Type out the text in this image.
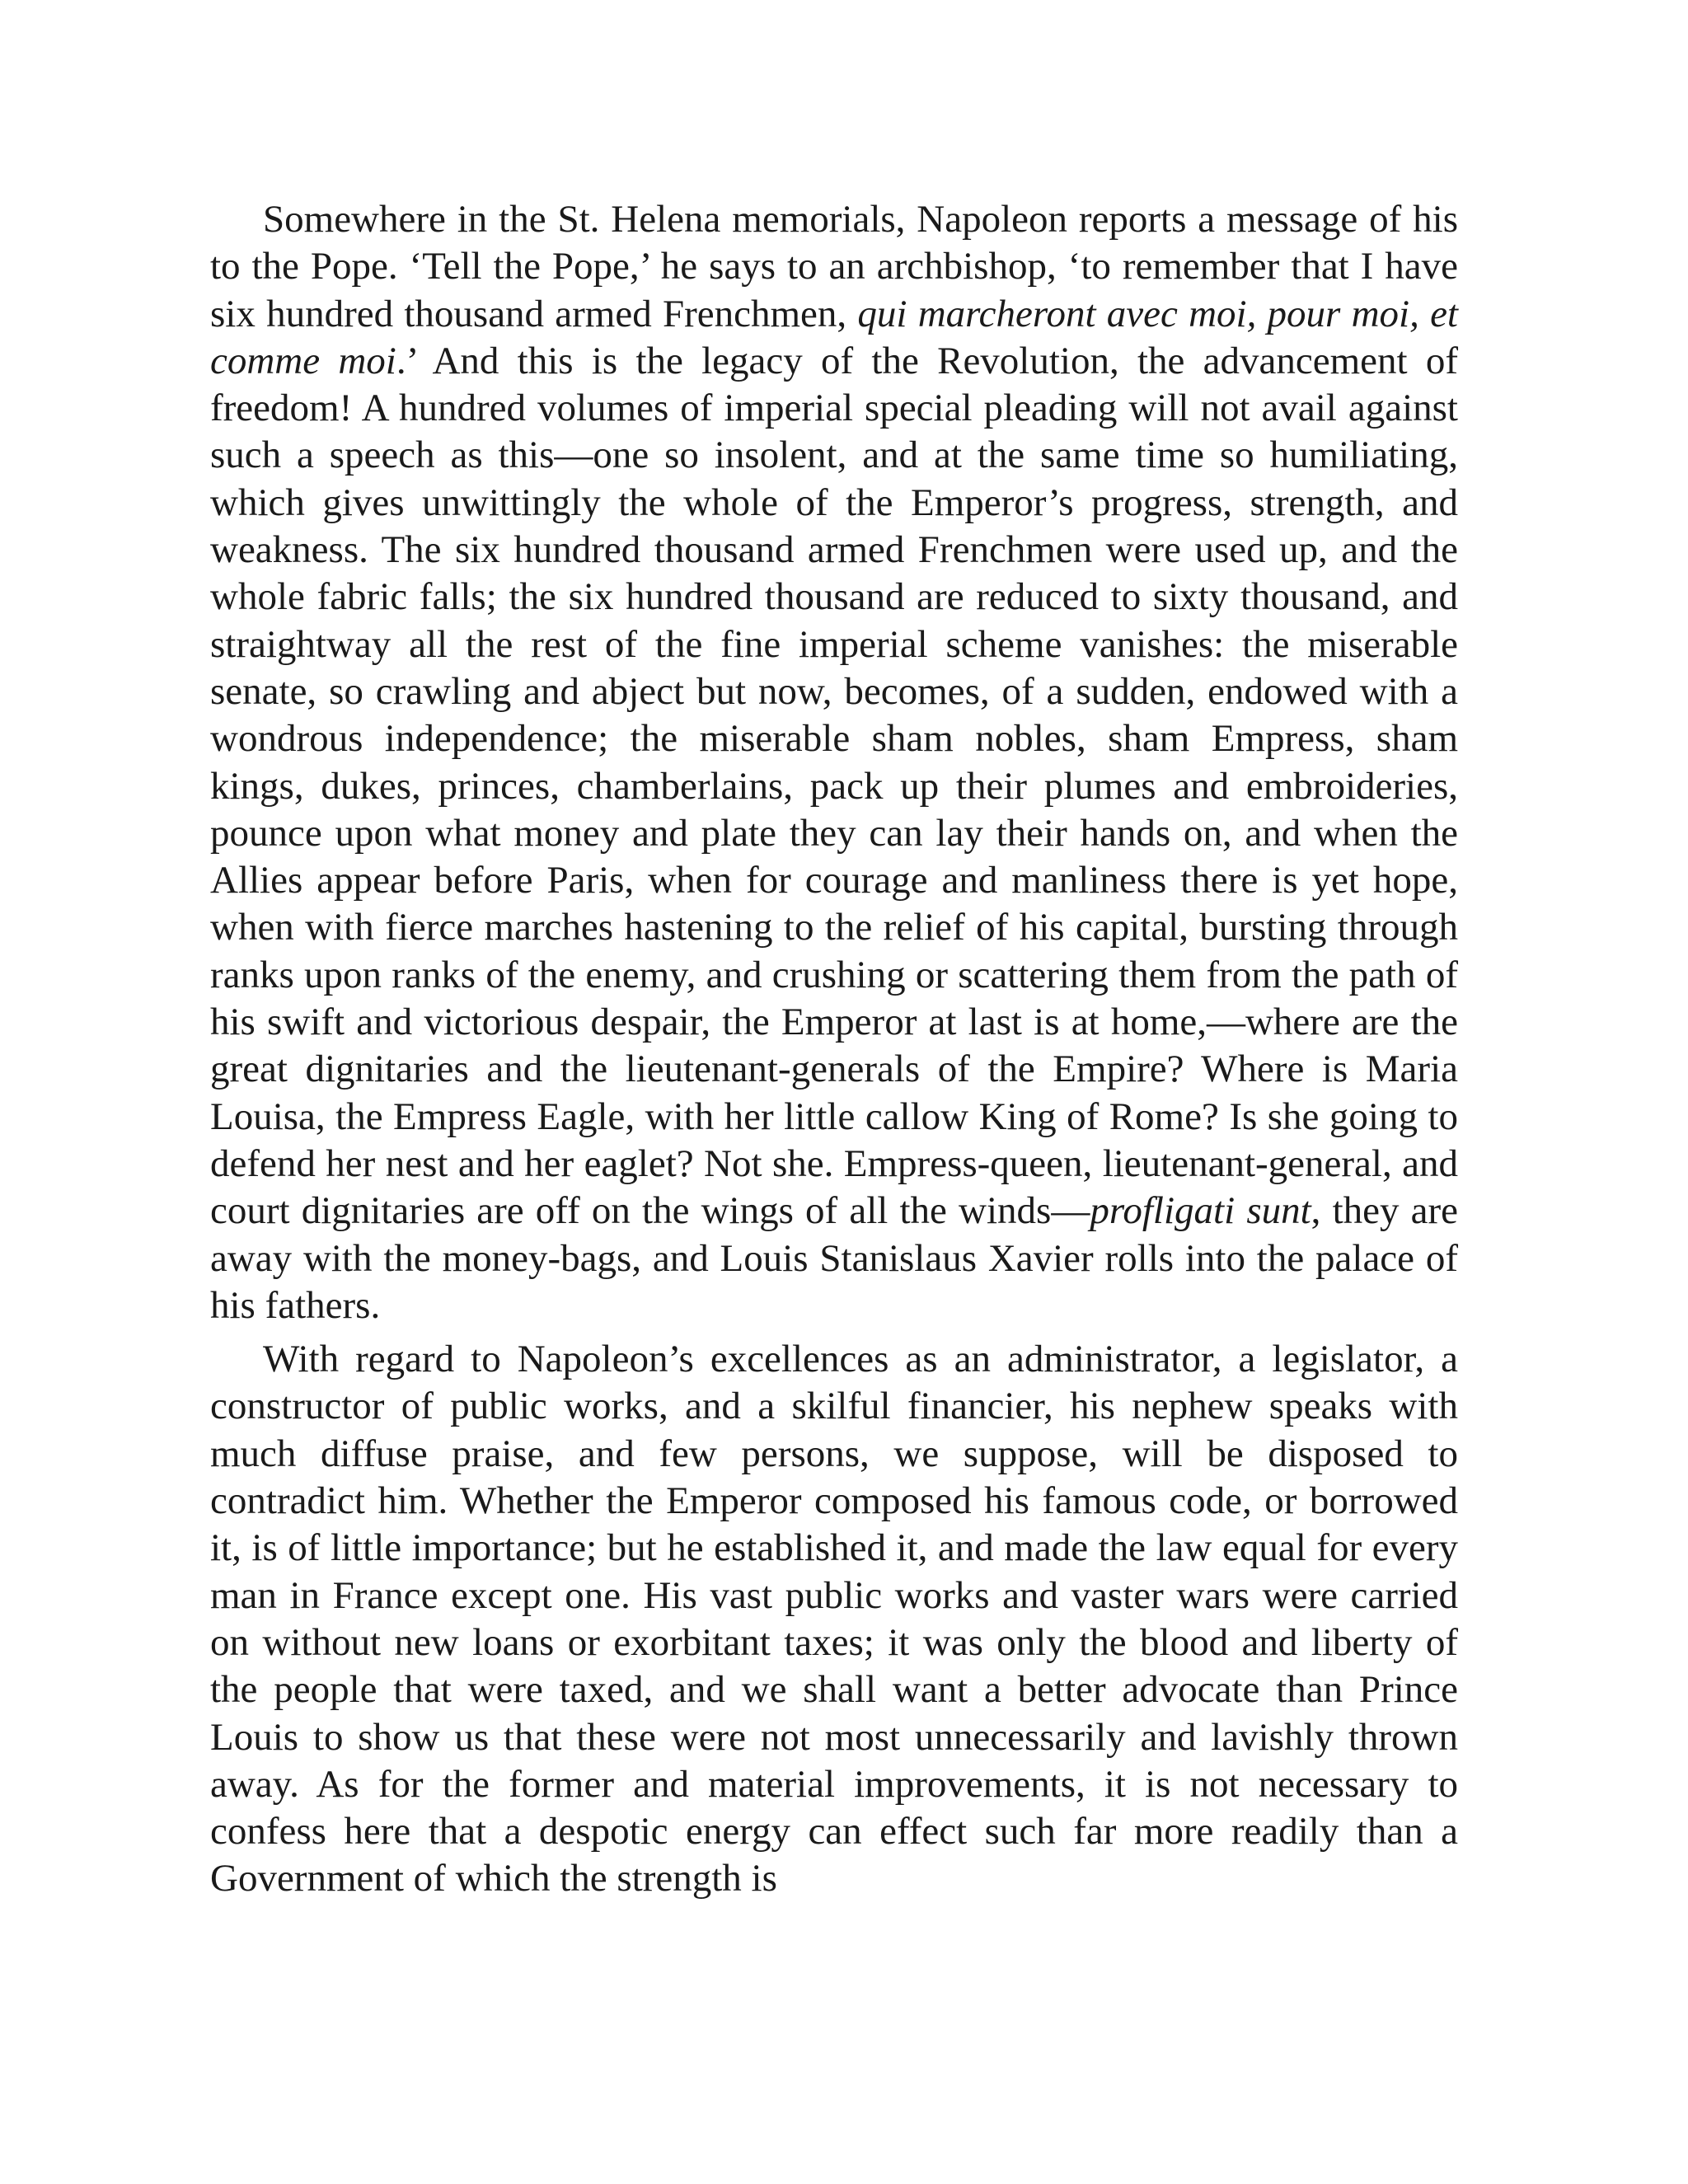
Somewhere in the St. Helena memorials, Napoleon reports a message of his to the Pope. ‘Tell the Pope,’ he says to an archbishop, ‘to remember that I have six hundred thousand armed Frenchmen, qui marcheront avec moi, pour moi, et comme moi.’ And this is the legacy of the Revolution, the advancement of freedom! A hundred volumes of imperial special pleading will not avail against such a speech as this—one so insolent, and at the same time so humiliating, which gives unwittingly the whole of the Emperor’s progress, strength, and weakness. The six hundred thousand armed Frenchmen were used up, and the whole fabric falls; the six hundred thousand are reduced to sixty thousand, and straightway all the rest of the fine imperial scheme vanishes: the miserable senate, so crawling and abject but now, becomes, of a sudden, endowed with a wondrous independence; the miserable sham nobles, sham Empress, sham kings, dukes, princes, chamberlains, pack up their plumes and embroideries, pounce upon what money and plate they can lay their hands on, and when the Allies appear before Paris, when for courage and manliness there is yet hope, when with fierce marches hastening to the relief of his capital, bursting through ranks upon ranks of the enemy, and crushing or scattering them from the path of his swift and victorious despair, the Emperor at last is at home,—where are the great dignitaries and the lieutenant-generals of the Empire? Where is Maria Louisa, the Empress Eagle, with her little callow King of Rome? Is she going to defend her nest and her eaglet? Not she. Empress-queen, lieutenant-general, and court dignitaries are off on the wings of all the winds—profligati sunt, they are away with the money-bags, and Louis Stanislaus Xavier rolls into the palace of his fathers.

With regard to Napoleon’s excellences as an administrator, a legislator, a constructor of public works, and a skilful financier, his nephew speaks with much diffuse praise, and few persons, we suppose, will be disposed to contradict him. Whether the Emperor composed his famous code, or borrowed it, is of little importance; but he established it, and made the law equal for every man in France except one. His vast public works and vaster wars were carried on without new loans or exorbitant taxes; it was only the blood and liberty of the people that were taxed, and we shall want a better advocate than Prince Louis to show us that these were not most unnecessarily and lavishly thrown away. As for the former and material improvements, it is not necessary to confess here that a despotic energy can effect such far more readily than a Government of which the strength is
